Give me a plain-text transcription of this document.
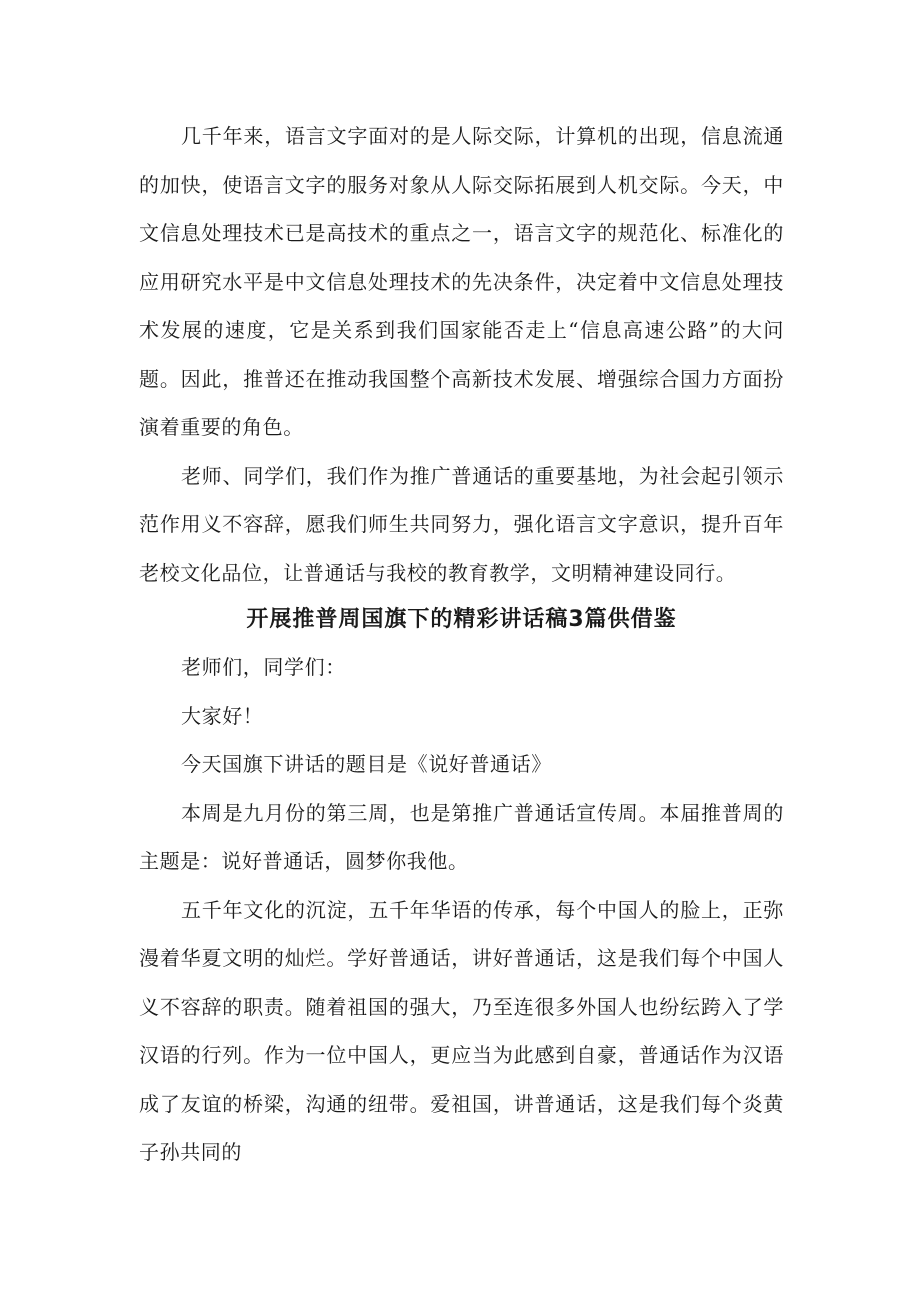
几千年来，语言文字面对的是人际交际，计算机的出现，信息流通的加快，使语言文字的服务对象从人际交际拓展到人机交际。今天，中文信息处理技术已是高技术的重点之一，语言文字的规范化、标准化的应用研究水平是中文信息处理技术的先决条件，决定着中文信息处理技术发展的速度，它是关系到我们国家能否走上“信息高速公路”的大问题。因此，推普还在推动我国整个高新技术发展、增强综合国力方面扮演着重要的角色。

老师、同学们，我们作为推广普通话的重要基地，为社会起引领示范作用义不容辞，愿我们师生共同努力，强化语言文字意识，提升百年老校文化品位，让普通话与我校的教育教学，文明精神建设同行。

开展推普周国旗下的精彩讲话稿3篇供借鉴

老师们，同学们：

大家好！

今天国旗下讲话的题目是《说好普通话》

本周是九月份的第三周，也是第推广普通话宣传周。本届推普周的主题是：说好普通话，圆梦你我他。

五千年文化的沉淀，五千年华语的传承，每个中国人的脸上，正弥漫着华夏文明的灿烂。学好普通话，讲好普通话，这是我们每个中国人义不容辞的职责。随着祖国的强大，乃至连很多外国人也纷纭跨入了学汉语的行列。作为一位中国人，更应当为此感到自豪，普通话作为汉语成了友谊的桥梁，沟通的纽带。爱祖国，讲普通话，这是我们每个炎黄子孙共同的
